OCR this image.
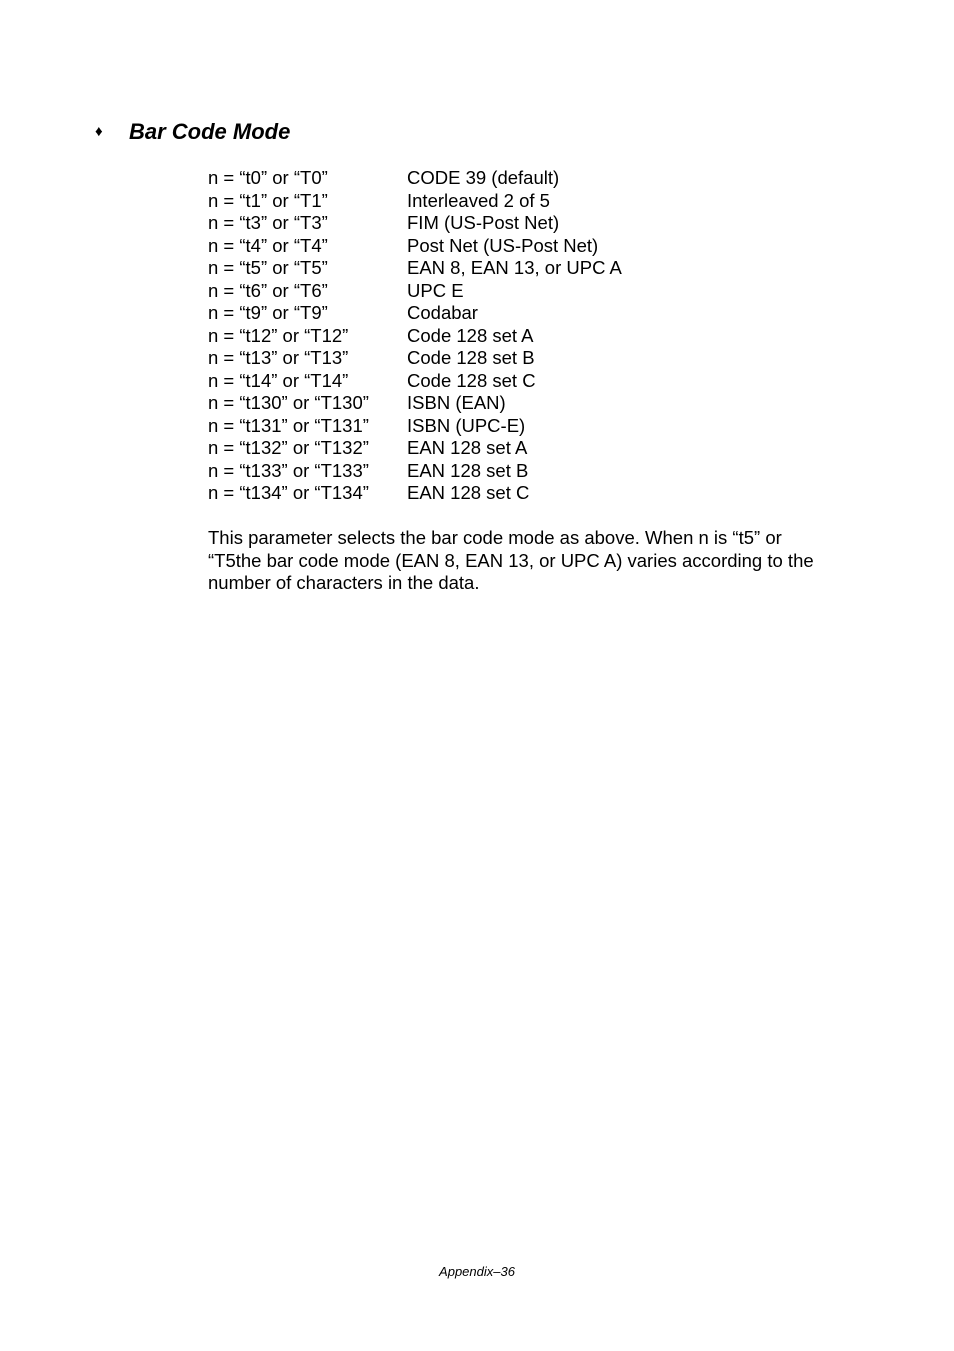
♦	Bar Code Mode
n = “t0” or “T0”	CODE 39 (default)
n = “t1” or “T1”	Interleaved 2 of 5
n = “t3” or “T3”	FIM (US-Post Net)
n = “t4” or “T4”	Post Net (US-Post Net)
n = “t5” or “T5”	EAN 8, EAN 13, or UPC A
n = “t6” or “T6”	UPC E
n = “t9” or “T9”	Codabar
n = “t12” or “T12”	Code 128 set A
n = “t13” or “T13”	Code 128 set B
n = “t14” or “T14”	Code 128 set C
n = “t130” or “T130”	ISBN (EAN)
n = “t131” or “T131”	ISBN (UPC-E)
n = “t132” or “T132”	EAN 128 set A
n = “t133” or “T133”	EAN 128 set B
n = “t134” or “T134”	EAN 128 set C
This parameter selects the bar code mode as above. When n is “t5” or
“T5the bar code mode (EAN 8, EAN 13, or UPC A) varies according to the
number of characters in the data.
Appendix–36
